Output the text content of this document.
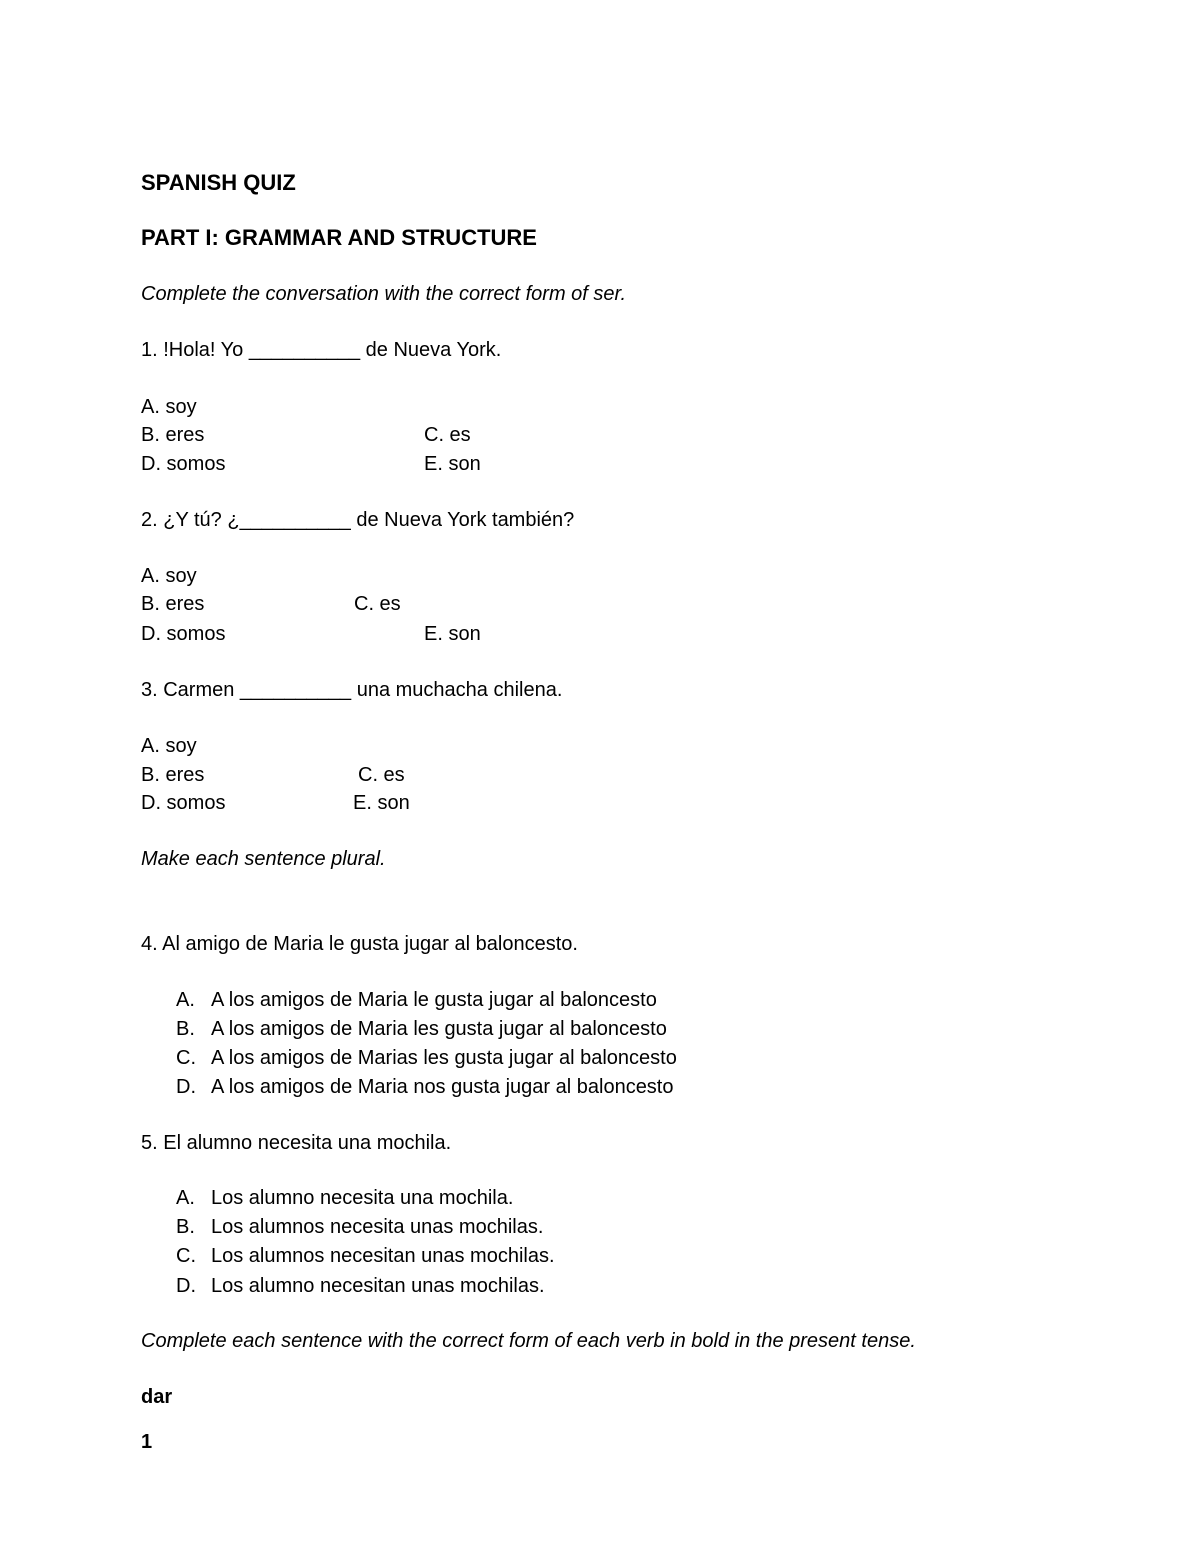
SPANISH QUIZ
PART I: GRAMMAR AND STRUCTURE
Complete the conversation with the correct form of ser.
1. !Hola! Yo __________ de Nueva York.
A. soy
B. eres	C. es
D. somos	E. son
2. ¿Y tú? ¿__________ de Nueva York también?
A. soy
B. eres	C. es
D. somos	E. son
3. Carmen __________ una muchacha chilena.
A. soy
B. eres	C. es
D. somos	E. son
Make each sentence plural.
4. Al amigo de Maria le gusta jugar al baloncesto.
A. A los amigos de Maria le gusta jugar al baloncesto
B. A los amigos de Maria les gusta jugar al baloncesto
C. A los amigos de Marias les gusta jugar al baloncesto
D. A los amigos de Maria nos gusta jugar al baloncesto
5. El alumno necesita una mochila.
A. Los alumno necesita una mochila.
B. Los alumnos necesita unas mochilas.
C. Los alumnos necesitan unas mochilas.
D. Los alumno necesitan unas mochilas.
Complete each sentence with the correct form of each verb in bold in the present tense.
dar
1
